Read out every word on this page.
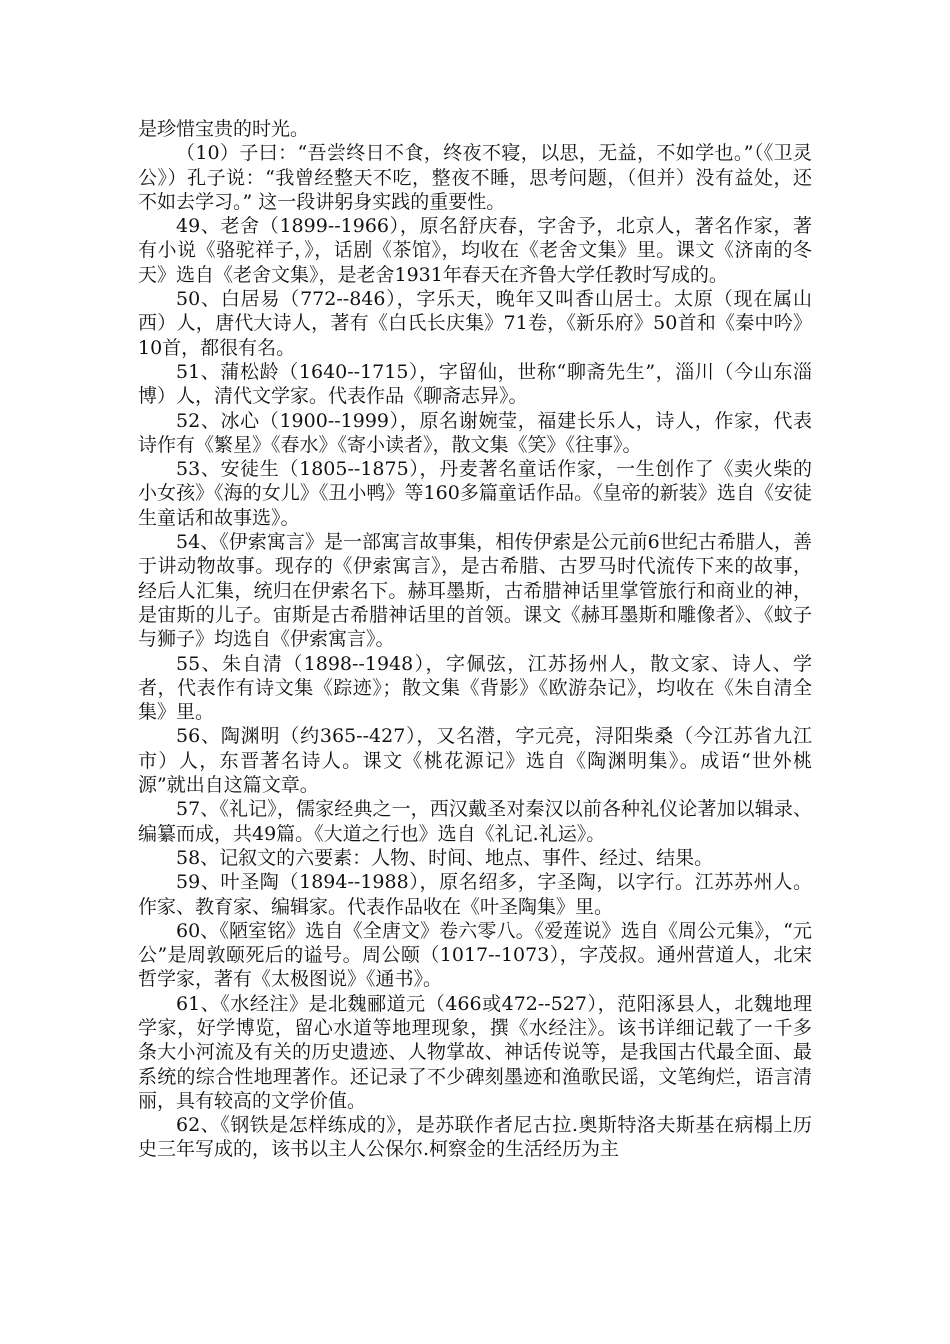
是珍惜宝贵的时光。

（10）子曰：“吾尝终日不食，终夜不寝，以思，无益，不如学也。”（《卫灵公》）孔子说：“我曾经整天不吃，整夜不睡，思考问题，（但并）没有益处，还不如去学习。” 这一段讲躬身实践的重要性。

49、老舍（1899--1966），原名舒庆春，字舍予，北京人，著名作家，著有小说《骆驼祥子，》，话剧《茶馆》，均收在《老舍文集》里。课文《济南的冬天》选自《老舍文集》，是老舍1931年春天在齐鲁大学任教时写成的。

50、白居易（772--846），字乐天，晚年又叫香山居士。太原（现在属山西）人，唐代大诗人，著有《白氏长庆集》71卷，《新乐府》50首和《秦中吟》10首，都很有名。

51、蒲松龄（1640--1715），字留仙，世称“聊斋先生”，淄川（今山东淄博）人，清代文学家。代表作品《聊斋志异》。

52、冰心（1900--1999），原名谢婉莹，福建长乐人，诗人，作家，代表诗作有《繁星》《春水》《寄小读者》，散文集《笑》《往事》。

53、安徒生（1805--1875），丹麦著名童话作家，一生创作了《卖火柴的小女孩》《海的女儿》《丑小鸭》等160多篇童话作品。《皇帝的新装》选自《安徒生童话和故事选》。

54、《伊索寓言》是一部寓言故事集，相传伊索是公元前6世纪古希腊人，善于讲动物故事。现存的《伊索寓言》，是古希腊、古罗马时代流传下来的故事，经后人汇集，统归在伊索名下。赫耳墨斯，古希腊神话里掌管旅行和商业的神，是宙斯的儿子。宙斯是古希腊神话里的首领。课文《赫耳墨斯和雕像者》、《蚊子与狮子》均选自《伊索寓言》。

55、朱自清（1898--1948），字佩弦，江苏扬州人，散文家、诗人、学者，代表作有诗文集《踪迹》；散文集《背影》《欧游杂记》，均收在《朱自清全集》里。

56、陶渊明（约365--427），又名潜，字元亮，浔阳柴桑（今江苏省九江市）人，东晋著名诗人。课文《桃花源记》选自《陶渊明集》。成语“世外桃源”就出自这篇文章。

57、《礼记》，儒家经典之一，西汉戴圣对秦汉以前各种礼仪论著加以辑录、编纂而成，共49篇。《大道之行也》选自《礼记.礼运》。

58、记叙文的六要素：人物、时间、地点、事件、经过、结果。

59、叶圣陶（1894--1988），原名绍多，字圣陶，以字行。江苏苏州人。作家、教育家、编辑家。代表作品收在《叶圣陶集》里。

60、《陋室铭》选自《全唐文》卷六零八。《爱莲说》选自《周公元集》，“元公”是周敦颐死后的谥号。周公颐（1017--1073），字茂叔。通州营道人，北宋哲学家，著有《太极图说》《通书》。

61、《水经注》是北魏郦道元（466或472--527），范阳涿县人，北魏地理学家，好学博览，留心水道等地理现象，撰《水经注》。该书详细记载了一千多条大小河流及有关的历史遗迹、人物掌故、神话传说等，是我国古代最全面、最系统的综合性地理著作。还记录了不少碑刻墨迹和渔歌民谣，文笔绚烂，语言清丽，具有较高的文学价值。

62、《钢铁是怎样练成的》，是苏联作者尼古拉.奥斯特洛夫斯基在病榻上历史三年写成的，该书以主人公保尔.柯察金的生活经历为主
